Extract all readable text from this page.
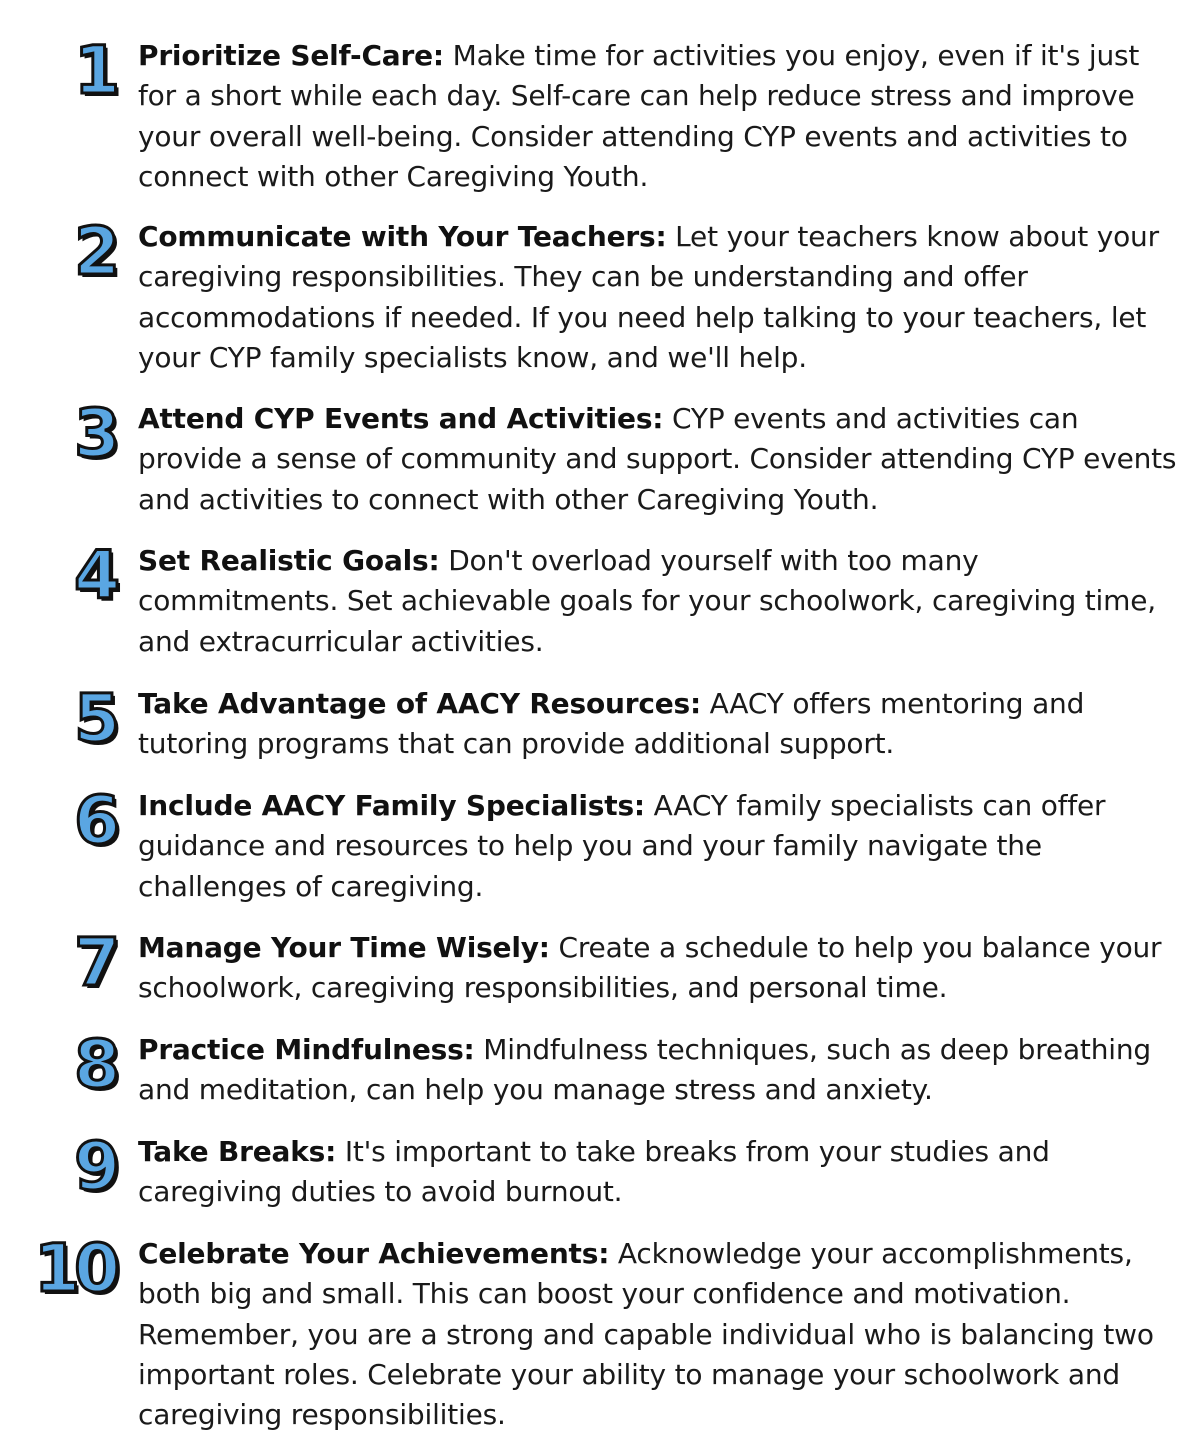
1 Prioritize Self-Care: Make time for activities you enjoy, even if it's just for a short while each day. Self-care can help reduce stress and improve your overall well-being. Consider attending CYP events and activities to connect with other Caregiving Youth.

2 Communicate with Your Teachers: Let your teachers know about your caregiving responsibilities. They can be understanding and offer accommodations if needed. If you need help talking to your teachers, let your CYP family specialists know, and we'll help.

3 Attend CYP Events and Activities: CYP events and activities can provide a sense of community and support. Consider attending CYP events and activities to connect with other Caregiving Youth.

4 Set Realistic Goals: Don't overload yourself with too many commitments. Set achievable goals for your schoolwork, caregiving time, and extracurricular activities.

5 Take Advantage of AACY Resources: AACY offers mentoring and tutoring programs that can provide additional support.

6 Include AACY Family Specialists: AACY family specialists can offer guidance and resources to help you and your family navigate the challenges of caregiving.

7 Manage Your Time Wisely: Create a schedule to help you balance your schoolwork, caregiving responsibilities, and personal time.

8 Practice Mindfulness: Mindfulness techniques, such as deep breathing and meditation, can help you manage stress and anxiety.

9 Take Breaks: It's important to take breaks from your studies and caregiving duties to avoid burnout.

10 Celebrate Your Achievements: Acknowledge your accomplishments, both big and small. This can boost your confidence and motivation. Remember, you are a strong and capable individual who is balancing two important roles. Celebrate your ability to manage your schoolwork and caregiving responsibilities.
